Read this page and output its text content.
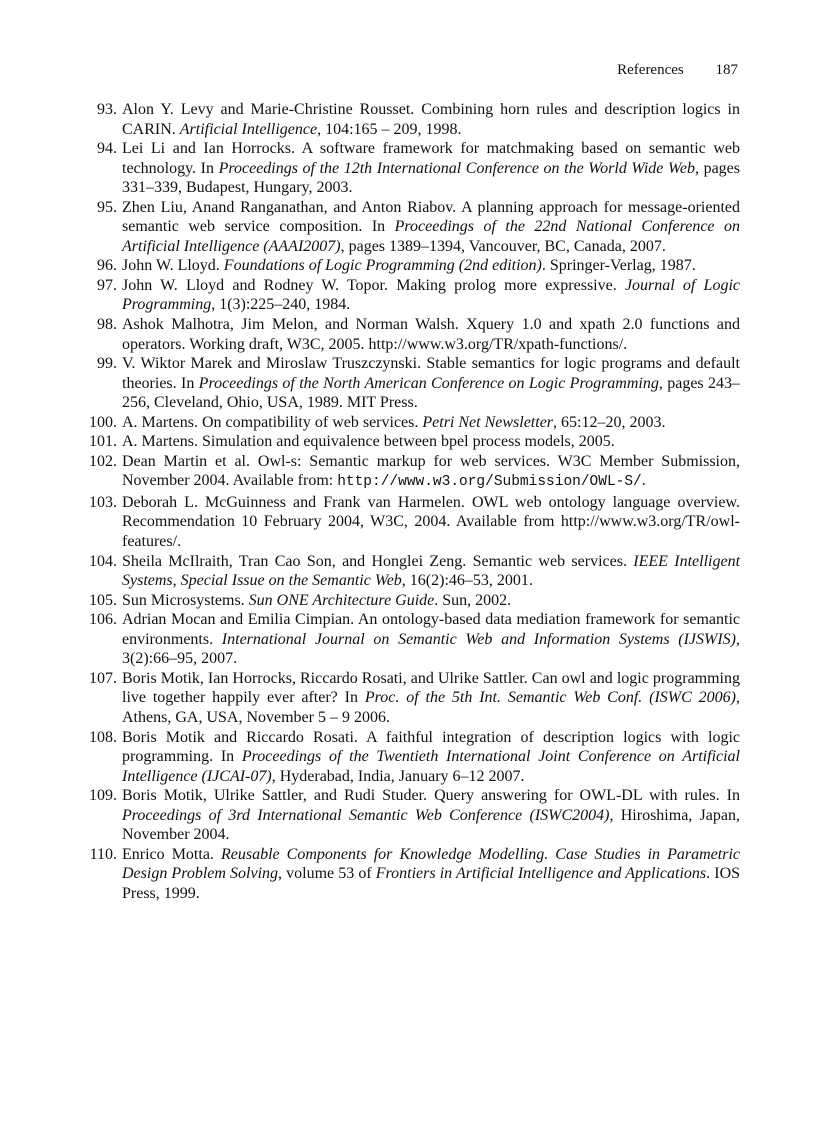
References 187
93. Alon Y. Levy and Marie-Christine Rousset. Combining horn rules and description logics in CARIN. Artificial Intelligence, 104:165 – 209, 1998.
94. Lei Li and Ian Horrocks. A software framework for matchmaking based on semantic web technology. In Proceedings of the 12th International Conference on the World Wide Web, pages 331–339, Budapest, Hungary, 2003.
95. Zhen Liu, Anand Ranganathan, and Anton Riabov. A planning approach for message-oriented semantic web service composition. In Proceedings of the 22nd National Conference on Artificial Intelligence (AAAI2007), pages 1389–1394, Vancouver, BC, Canada, 2007.
96. John W. Lloyd. Foundations of Logic Programming (2nd edition). Springer-Verlag, 1987.
97. John W. Lloyd and Rodney W. Topor. Making prolog more expressive. Journal of Logic Programming, 1(3):225–240, 1984.
98. Ashok Malhotra, Jim Melon, and Norman Walsh. Xquery 1.0 and xpath 2.0 functions and operators. Working draft, W3C, 2005. http://www.w3.org/TR/xpath-functions/.
99. V. Wiktor Marek and Miroslaw Truszczynski. Stable semantics for logic programs and default theories. In Proceedings of the North American Conference on Logic Programming, pages 243–256, Cleveland, Ohio, USA, 1989. MIT Press.
100. A. Martens. On compatibility of web services. Petri Net Newsletter, 65:12–20, 2003.
101. A. Martens. Simulation and equivalence between bpel process models, 2005.
102. Dean Martin et al. Owl-s: Semantic markup for web services. W3C Member Submission, November 2004. Available from: http://www.w3.org/Submission/OWL-S/.
103. Deborah L. McGuinness and Frank van Harmelen. OWL web ontology language overview. Recommendation 10 February 2004, W3C, 2004. Available from http://www.w3.org/TR/owl-features/.
104. Sheila McIlraith, Tran Cao Son, and Honglei Zeng. Semantic web services. IEEE Intelligent Systems, Special Issue on the Semantic Web, 16(2):46–53, 2001.
105. Sun Microsystems. Sun ONE Architecture Guide. Sun, 2002.
106. Adrian Mocan and Emilia Cimpian. An ontology-based data mediation framework for semantic environments. International Journal on Semantic Web and Information Systems (IJSWIS), 3(2):66–95, 2007.
107. Boris Motik, Ian Horrocks, Riccardo Rosati, and Ulrike Sattler. Can owl and logic programming live together happily ever after? In Proc. of the 5th Int. Semantic Web Conf. (ISWC 2006), Athens, GA, USA, November 5 – 9 2006.
108. Boris Motik and Riccardo Rosati. A faithful integration of description logics with logic programming. In Proceedings of the Twentieth International Joint Conference on Artificial Intelligence (IJCAI-07), Hyderabad, India, January 6–12 2007.
109. Boris Motik, Ulrike Sattler, and Rudi Studer. Query answering for OWL-DL with rules. In Proceedings of 3rd International Semantic Web Conference (ISWC2004), Hiroshima, Japan, November 2004.
110. Enrico Motta. Reusable Components for Knowledge Modelling. Case Studies in Parametric Design Problem Solving, volume 53 of Frontiers in Artificial Intelligence and Applications. IOS Press, 1999.
